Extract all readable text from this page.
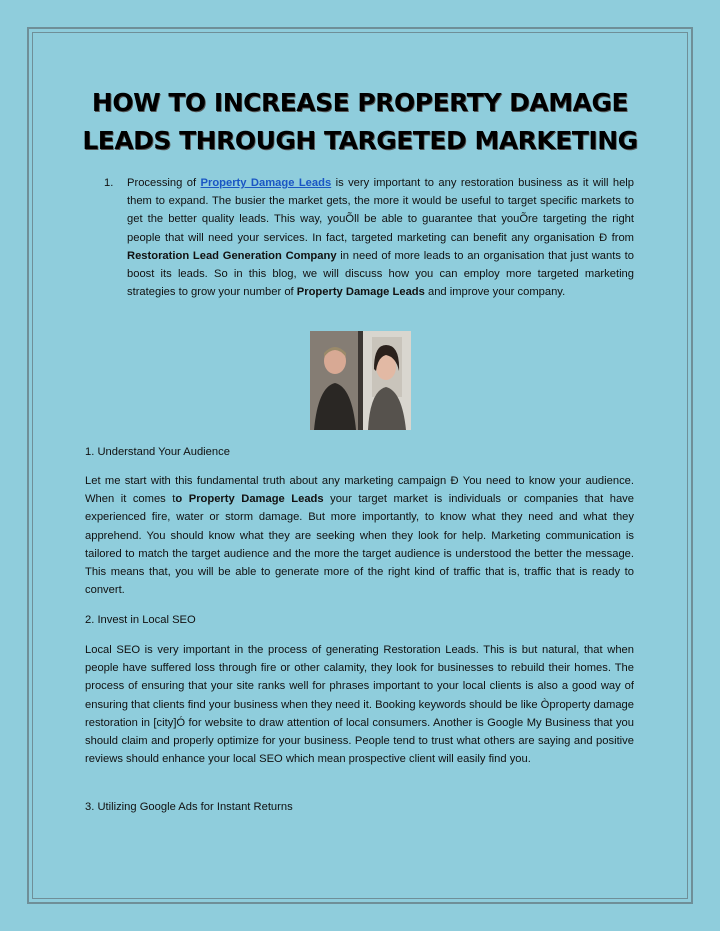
HOW TO INCREASE PROPERTY DAMAGE
LEADS THROUGH TARGETED MARKETING
1. Processing of Property Damage Leads is very important to any restoration business as it will help them to expand. The busier the market gets, the more it would be useful to target specific markets to get the better quality leads. This way, youÕll be able to guarantee that youÕre targeting the right people that will need your services. In fact, targeted marketing can benefit any organisation Ð from Restoration Lead Generation Company in need of more leads to an organisation that just wants to boost its leads. So in this blog, we will discuss how you can employ more targeted marketing strategies to grow your number of Property Damage Leads and improve your company.
1. Understand Your Audience
Let me start with this fundamental truth about any marketing campaign Ð You need to know your audience. When it comes to Property Damage Leads your target market is individuals or companies that have experienced fire, water or storm damage. But more importantly, to know what they need and what they apprehend. You should know what they are seeking when they look for help. Marketing communication is tailored to match the target audience and the more the target audience is understood the better the message. This means that, you will be able to generate more of the right kind of traffic that is, traffic that is ready to convert.
2. Invest in Local SEO
Local SEO is very important in the process of generating Restoration Leads. This is but natural, that when people have suffered loss through fire or other calamity, they look for businesses to rebuild their homes. The process of ensuring that your site ranks well for phrases important to your local clients is also a good way of ensuring that clients find your business when they need it. Booking keywords should be like Òproperty damage restoration in [city]Ó for website to draw attention of local consumers. Another is Google My Business that you should claim and properly optimize for your business. People tend to trust what others are saying and positive reviews should enhance your local SEO which mean prospective client will easily find you.
3. Utilizing Google Ads for Instant Returns
